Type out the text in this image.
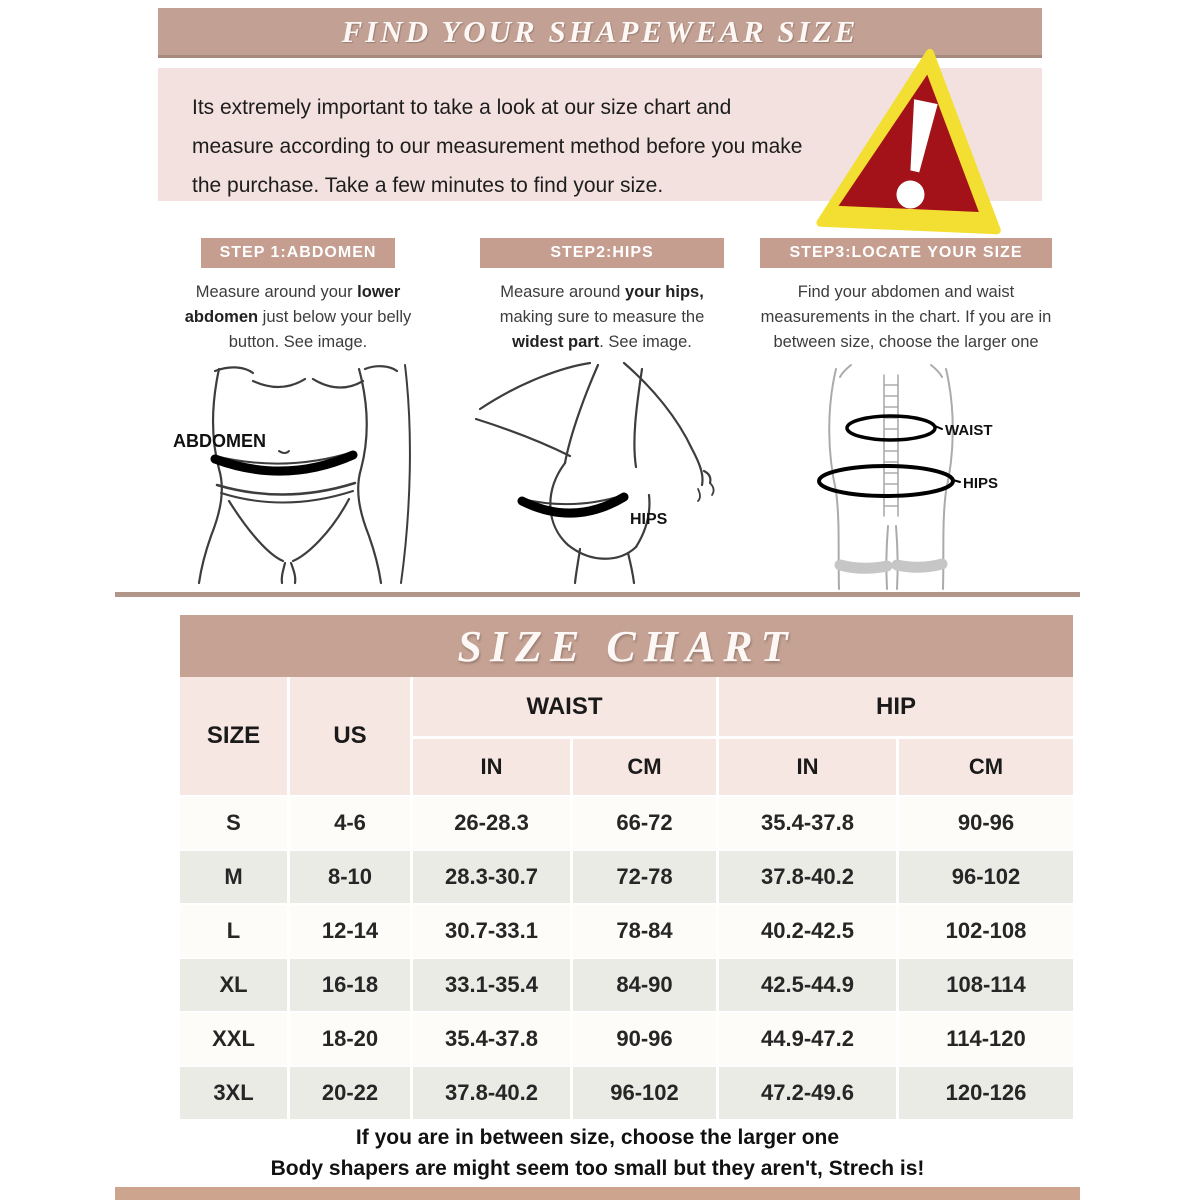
FIND YOUR SHAPEWEAR SIZE
Its extremely important to take a look at our size chart and measure according to our measurement method before you make the purchase. Take a few minutes to find your size.
STEP 1:ABDOMEN
Measure around your lower abdomen just below your belly button. See image.
ABDOMEN
STEP2:HIPS
Measure around your hips, making sure to measure the widest part. See image.
HIPS
STEP3:LOCATE YOUR SIZE
Find your abdomen and waist measurements in the chart. If you are in between size, choose the larger one
WAIST
HIPS
SIZE CHART
SIZE	US
WAIST	HIP
IN	CM	IN	CM
S	4-6	26-28.3	66-72	35.4-37.8	90-96
M	8-10	28.3-30.7	72-78	37.8-40.2	96-102
L	12-14	30.7-33.1	78-84	40.2-42.5	102-108
XL	16-18	33.1-35.4	84-90	42.5-44.9	108-114
XXL	18-20	35.4-37.8	90-96	44.9-47.2	114-120
3XL	20-22	37.8-40.2	96-102	47.2-49.6	120-126
If you are in between size, choose the larger one
Body shapers are might seem too small but they aren't, Strech is!
